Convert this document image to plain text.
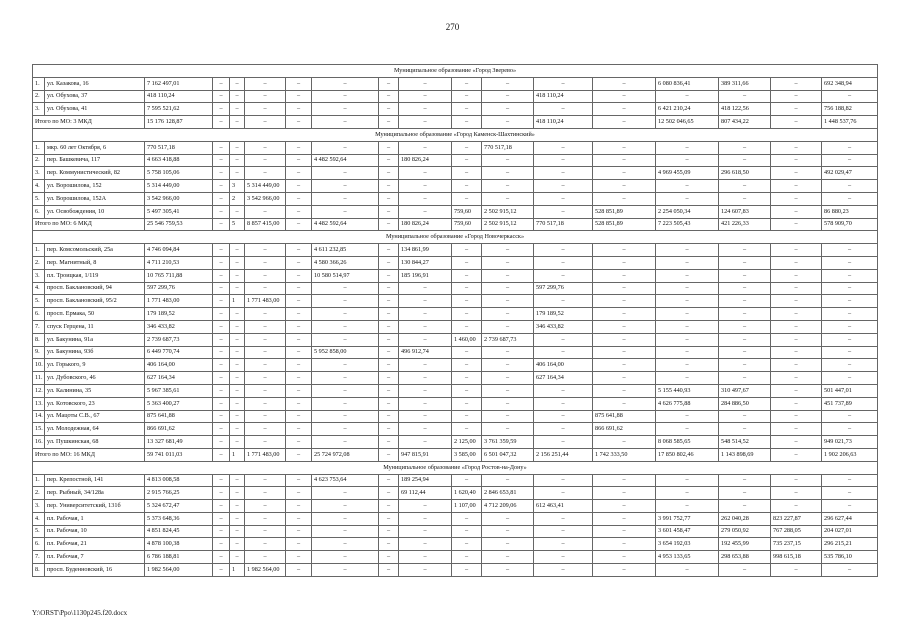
270
Муниципальное образование «Город Зверево»																	
1.	ул. Казакова, 16	7 162 497,01	–	–	–	–	–	–	–	–	–	–	–	6 080 836,41	389 311,66	–	692 348,94
2.	ул. Обухова, 37	418 110,24	–	–	–	–	–	–	–	–	–	418 110,24	–	–	–	–	–
3.	ул. Обухова, 41	7 595 521,62	–	–	–	–	–	–	–	–	–	–	–	6 421 210,24	418 122,56	–	756 188,82
Итого по МО: 3 МКД		15 176 128,87	–	–	–	–	–	–	–	–	–	418 110,24	–	12 502 046,65	807 434,22	–	1 448 537,76
Муниципальное образование «Город Каменск-Шахтинский»																	
1.	мкр. 60 лет Октября, 6	770 517,18	–	–	–	–	–	–	–	–	770 517,18	–	–	–	–	–	–
2.	пер. Башкевича, 117	4 663 418,88	–	–	–	–	4 482 592,64	–	180 826,24	–	–	–	–	–	–	–	–
3.	пер. Коммунистический, 82	5 758 105,06	–	–	–	–	–	–	–	–	–	–	–	4 969 455,09	296 618,50	–	492 029,47
4.	ул. Ворошилова, 152	5 314 449,00	–	3	5 314 449,00	–	–	–	–	–	–	–	–	–	–	–	–
5.	ул. Ворошилова, 152А	3 542 966,00	–	2	3 542 966,00	–	–	–	–	–	–	–	–	–	–	–	–
6.	ул. Освобождения, 10	5 497 305,41	–	–	–	–	–	–	–	759,60	2 502 915,12	–	528 851,89	2 254 050,34	124 607,83	–	86 880,23
Итого по МО: 6 МКД		25 546 759,53	–	5	8 857 415,00	–	4 482 592,64	–	180 826,24	759,60	2 502 915,12	770 517,18	528 851,89	7 223 505,43	421 226,33	–	578 909,70
Муниципальное образование «Город Новочеркасск»																	
1.	пер. Комсомольский, 25а	4 746 094,84	–	–	–	–	4 611 232,85	–	134 861,99	–	–	–	–	–	–	–	–
2.	пер. Магнитный, 8	4 711 210,53	–	–	–	–	4 580 366,26	–	130 844,27	–	–	–	–	–	–	–	–
3.	пл. Троицкая, 1/119	10 765 711,88	–	–	–	–	10 580 514,97	–	185 196,91	–	–	–	–	–	–	–	–
4.	просп. Баклановский, 94	597 299,76	–	–	–	–	–	–	–	–	–	597 299,76	–	–	–	–	–
5.	просп. Баклановский, 95/2	1 771 483,00	–	1	1 771 483,00	–	–	–	–	–	–	–	–	–	–	–	–
6.	просп. Ермака, 50	179 189,52	–	–	–	–	–	–	–	–	–	179 189,52	–	–	–	–	–
7.	спуск Герцена, 11	346 433,82	–	–	–	–	–	–	–	–	–	346 433,82	–	–	–	–	–
8.	ул. Бакунина, 91а	2 739 687,73	–	–	–	–	–	–	–	1 460,00	2 739 687,73	–	–	–	–	–	–
9.	ул. Бакунина, 93б	6 449 770,74	–	–	–	–	5 952 858,00	–	496 912,74	–	–	–	–	–	–	–	–
10.	ул. Горького, 9	406 164,00	–	–	–	–	–	–	–	–	–	406 164,00	–	–	–	–	–
11.	ул. Дубовского, 46	627 164,34	–	–	–	–	–	–	–	–	–	627 164,34	–	–	–	–	–
12.	ул. Калинина, 35	5 967 385,61	–	–	–	–	–	–	–	–	–	–	–	5 155 440,93	310 497,67	–	501 447,01
13.	ул. Котовского, 23	5 363 400,27	–	–	–	–	–	–	–	–	–	–	–	4 626 775,88	284 886,50	–	451 737,89
14.	ул. Мацоты С.В., 67	875 641,88	–	–	–	–	–	–	–	–	–	–	875 641,88	–	–	–	–
15.	ул. Молодежная, 64	866 691,62	–	–	–	–	–	–	–	–	–	–	866 691,62	–	–	–	–
16.	ул. Пушкинская, 68	13 327 681,49	–	–	–	–	–	–	–	2 125,00	3 761 359,59	–	–	8 068 585,65	548 514,52	–	949 021,73
Итого по МО: 16 МКД		59 741 011,03	–	1	1 771 483,00	–	25 724 972,08	–	947 815,91	3 585,00	6 501 047,32	2 156 251,44	1 742 333,50	17 850 802,46	1 143 898,69	–	1 902 206,63
Муниципальное образование «Город Ростов-на-Дону»																	
1.	пер. Крепостной, 141	4 813 008,58	–	–	–	–	4 623 753,64	–	189 254,94	–	–	–	–	–	–	–	–
2.	пер. Рыбный, 34/128а	2 915 766,25	–	–	–	–	–	–	69 112,44	1 620,40	2 846 653,81	–	–	–	–	–	–
3.	пер. Университетский, 131б	5 324 672,47	–	–	–	–	–	–	–	1 107,00	4 712 209,06	612 463,41	–	–	–	–	–
4.	пл. Рабочая, 1	5 373 648,36	–	–	–	–	–	–	–	–	–	–	–	3 991 752,77	262 040,28	823 227,87	296 627,44
5.	пл. Рабочая, 10	4 851 824,45	–	–	–	–	–	–	–	–	–	–	–	3 601 458,47	279 050,92	767 288,05	204 027,01
6.	пл. Рабочая, 21	4 878 100,38	–	–	–	–	–	–	–	–	–	–	–	3 654 192,03	192 455,99	735 237,15	296 215,21
7.	пл. Рабочая, 7	6 786 188,81	–	–	–	–	–	–	–	–	–	–	–	4 953 133,65	298 653,88	998 615,18	535 786,10
8.	просп. Буденновский, 16	1 982 564,00	–	1	1 982 564,00	–	–	–	–	–	–	–	–	–	–	–	–
Y:\ORST\Ppo\1130p245.f20.docx
